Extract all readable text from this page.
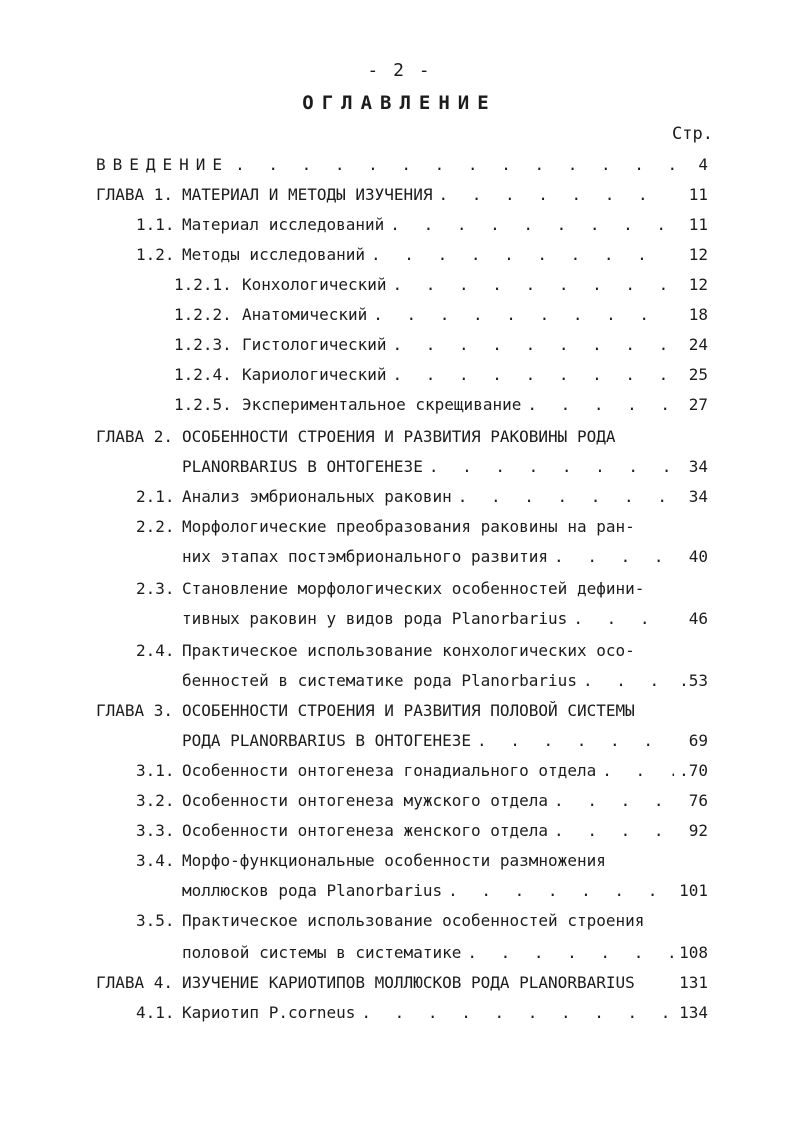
- 2 -
ОГЛАВЛЕНИЕ
Стр.
ВВЕДЕНИЕ . . .	4
ГЛАВА 1. МАТЕРИАЛ И МЕТОДЫ ИЗУЧЕНИЯ . . .	11
1.1. Материал исследований . . .	11
1.2. Методы исследований . . .	12
1.2.1. Конхологический . . .	12
1.2.2. Анатомический . . .	18
1.2.3. Гистологический . . .	24
1.2.4. Кариологический . . .	25
1.2.5. Экспериментальное скрещивание . . .	27
ГЛАВА 2. ОСОБЕННОСТИ СТРОЕНИЯ И РАЗВИТИЯ РАКОВИНЫ РОДА
PLANORBARIUS В ОНТОГЕНЕЗЕ . . .	34
2.1. Анализ эмбриональных раковин . . .	34
2.2. Морфологические преобразования раковины на ран-
них этапах постэмбрионального развития . . .	40
2.3. Становление морфологических особенностей дефини-
тивных раковин у видов рода Planorbarius . . .	46
2.4. Практическое использование конхологических осо-
бенностей в систематике рода Planorbarius . . .	.53
ГЛАВА 3. ОСОБЕННОСТИ СТРОЕНИЯ И РАЗВИТИЯ ПОЛОВОЙ СИСТЕМЫ
РОДА PLANORBARIUS В ОНТОГЕНЕЗЕ . . .	69
3.1. Особенности онтогенеза гонадиального отдела . . .	.70
3.2. Особенности онтогенеза мужского отдела . . .	76
3.3. Особенности онтогенеза женского отдела . . .	92
3.4. Морфо-функциональные особенности размножения
моллюсков рода Planorbarius . . .	101
3.5. Практическое использование особенностей строения
половой системы в систематике . . .	108
ГЛАВА 4. ИЗУЧЕНИЕ КАРИОТИПОВ МОЛЛЮСКОВ РОДА PLANORBARIUS	131
4.1. Кариотип P.corneus . . .	134
